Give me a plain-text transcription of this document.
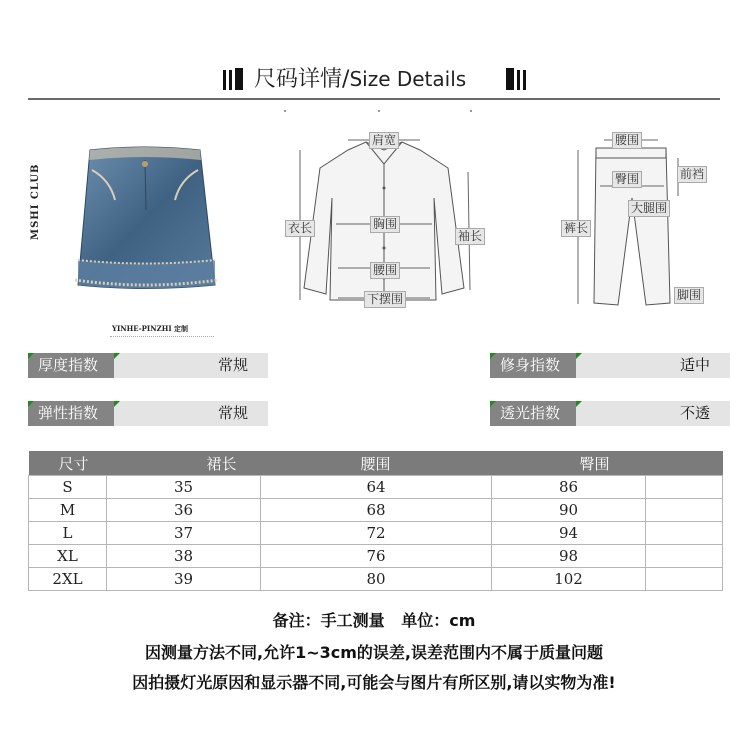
尺码详情/Size Details
MSHI CLUB
YINHE-PINZHI 定制
肩宽
衣长	胸围
袖长
腰围
下摆围
腰围
臀围	前裆
大腿围
裤长
脚围
厚度指数	常规	修身指数	适中
弹性指数	常规	透光指数	不透
尺寸	裙长	腰围	臀围	
S	35	64	86	
M	36	68	90	
L	37	72	94	
XL	38	76	98	
2XL	39	80	102	
备注：手工测量   单位：cm
因测量方法不同,允许1~3cm的误差,误差范围内不属于质量问题
因拍摄灯光原因和显示器不同,可能会与图片有所区别,请以实物为准!
